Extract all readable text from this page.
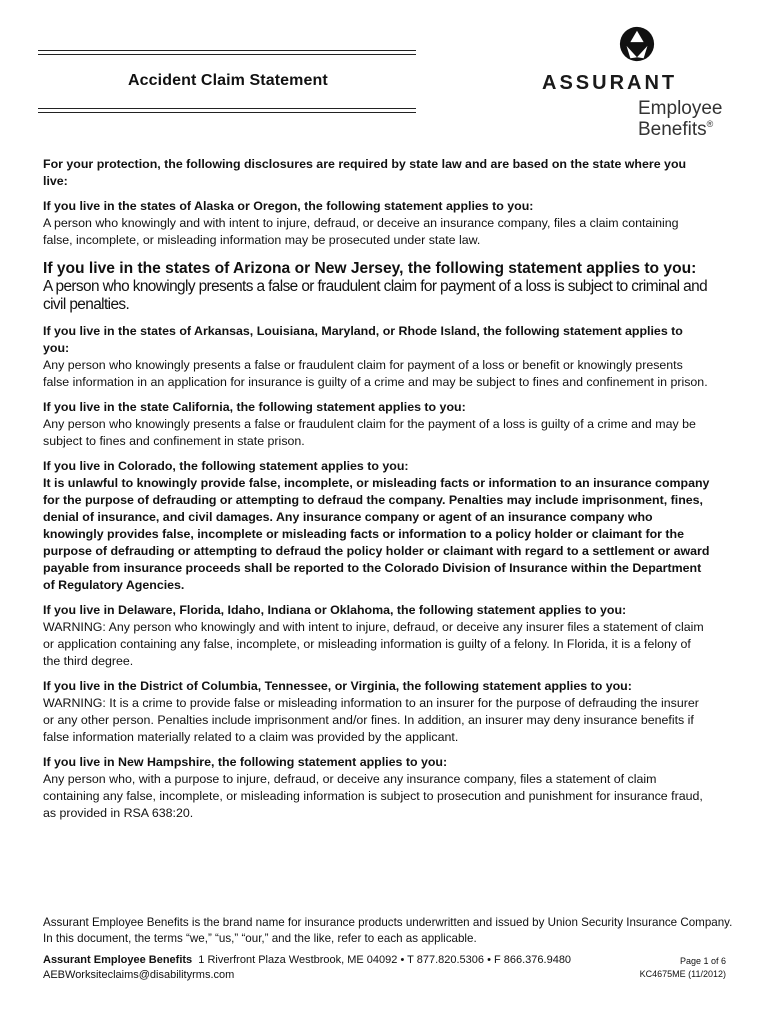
Accident Claim Statement	ASSURANT
Employee
Benefits®

For your protection, the following disclosures are required by state law and are based on the state where you live:

If you live in the states of Alaska or Oregon, the following statement applies to you:

A person who knowingly and with intent to injure, defraud, or deceive an insurance company, files a claim containing false, incomplete, or misleading information may be prosecuted under state law.

If you live in the states of Arizona or New Jersey, the following statement applies to you:

A person who knowingly presents a false or fraudulent claim for payment of a loss is subject to criminal and civil penalties.

If you live in the states of Arkansas, Louisiana, Maryland, or Rhode Island, the following statement applies to you:

Any person who knowingly presents a false or fraudulent claim for payment of a loss or benefit or knowingly presents false information in an application for insurance is guilty of a crime and may be subject to fines and confinement in prison.

If you live in the state California, the following statement applies to you:

Any person who knowingly presents a false or fraudulent claim for the payment of a loss is guilty of a crime and may be subject to fines and confinement in state prison.

If you live in Colorado, the following statement applies to you:

It is unlawful to knowingly provide false, incomplete, or misleading facts or information to an insurance company for the purpose of defrauding or attempting to defraud the company. Penalties may include imprisonment, fines, denial of insurance, and civil damages. Any insurance company or agent of an insurance company who knowingly provides false, incomplete or misleading facts or information to a policy holder or claimant for the purpose of defrauding or attempting to defraud the policy holder or claimant with regard to a settlement or award payable from insurance proceeds shall be reported to the Colorado Division of Insurance within the Department of Regulatory Agencies.

If you live in Delaware, Florida, Idaho, Indiana or Oklahoma, the following statement applies to you:

WARNING: Any person who knowingly and with intent to injure, defraud, or deceive any insurer files a statement of claim or application containing any false, incomplete, or misleading information is guilty of a felony. In Florida, it is a felony of the third degree.

If you live in the District of Columbia, Tennessee, or Virginia, the following statement applies to you:

WARNING: It is a crime to provide false or misleading information to an insurer for the purpose of defrauding the insurer or any other person. Penalties include imprisonment and/or fines. In addition, an insurer may deny insurance benefits if false information materially related to a claim was provided by the applicant.

If you live in New Hampshire, the following statement applies to you:

Any person who, with a purpose to injure, defraud, or deceive any insurance company, files a statement of claim containing any false, incomplete, or misleading information is subject to prosecution and punishment for insurance fraud, as provided in RSA 638:20.

Assurant Employee Benefits is the brand name for insurance products underwritten and issued by Union Security Insurance Company. In this document, the terms “we,” “us,” “our,” and the like, refer to each as applicable.
Assurant Employee Benefits 1 Riverfront Plaza Westbrook, ME 04092 • T 877.820.5306 • F 866.376.9480
AEBWorksiteclaims@disabilityrms.com
Page 1 of 6
KC4675ME (11/2012)
